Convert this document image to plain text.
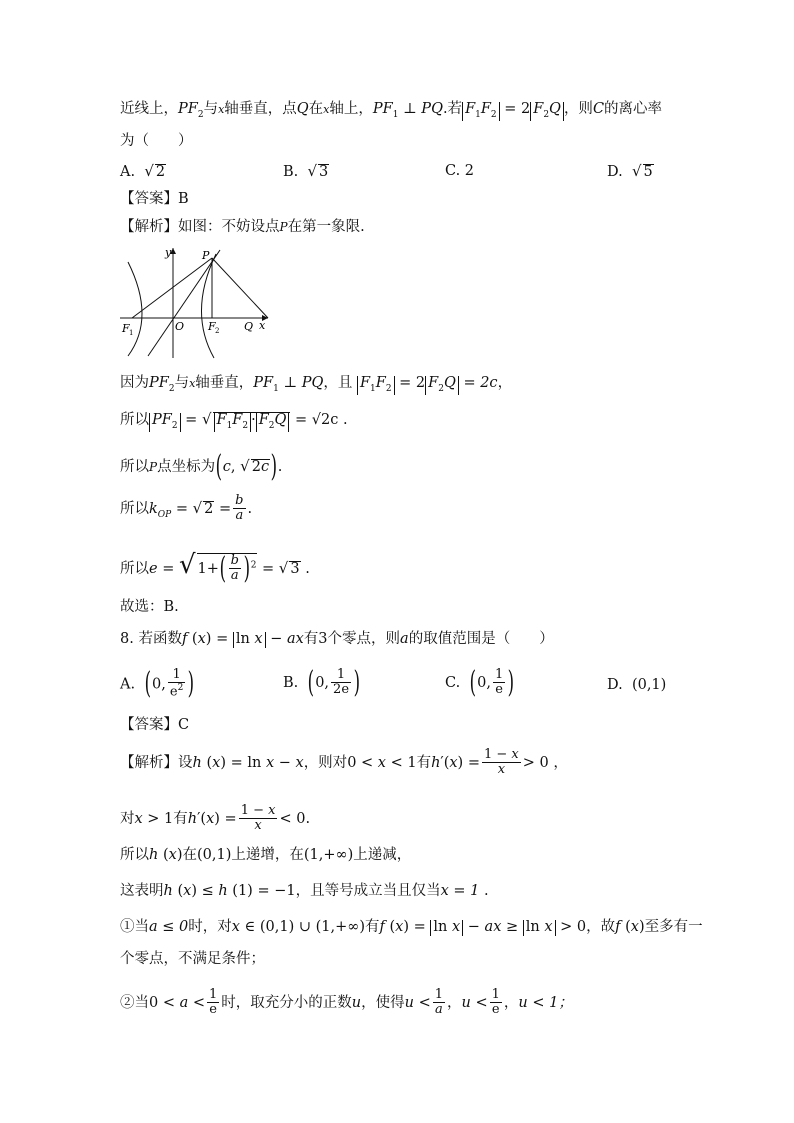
近线上，$PF_2$与x轴垂直，点Q在x轴上，$PF_1$ ⊥ PQ.若 $F_1F_2 = 2$ $F_2Q$ ，则C的离心率
为（　　）
A. √ 2	B. √ 3	C. 2	D. √ 5
【答案】B
【解析】如图：不妨设点P在第一象限.
y	P
F 1	O F 2 Q x
因为$PF_2$与x轴垂直，$PF_1$ ⊥ PQ，且 $F_1F_2 = 2$ $F_2Q = 2c$，
所以 $PF_2$ = √ $F_1F_2 \cdot F_2Q = √2c$ .
所以P点坐标为(c, √ 2c).
所以$k_{OP}$ = √ $2 = \frac{b}{a}$ .
所以e = √ $1+( \frac{b}{a} )^2$ = √ 3 .
故选：B.
8. 若函数f (x) = ln x − ax有3个零点，则a的取值范围是（　　）
A. (0, $\frac{1}{e^2}$ )	B. (0, $\frac{1}{2e}$ )	C. (0, $\frac{1}{e}$ )	D. (0,1)
【答案】C
【解析】设h (x) = ln x − x，则对0 < x < 1有$h'(x) = \frac{1 - x}{x} > 0$ ，
对x > 1有$h'(x) = \frac{1 - x}{x} < 0$.
所以h (x)在(0,1)上递增，在(1,+∞)上递减，
这表明h (x) ≤ h (1) = −1，且等号成立当且仅当x = 1 .
①当a ≤ 0时，对x ∈ (0,1) ∪ (1,+∞)有f (x) = ln x − ax ≥ ln x > 0，故f (x)至多有一
个零点，不满足条件；
②当$0 < a < \frac{1}{e}$ 时，取充分小的正数u，使得$u < \frac{1}{a}$ ，$u < \frac{1}{e}$ ，u < 1；
